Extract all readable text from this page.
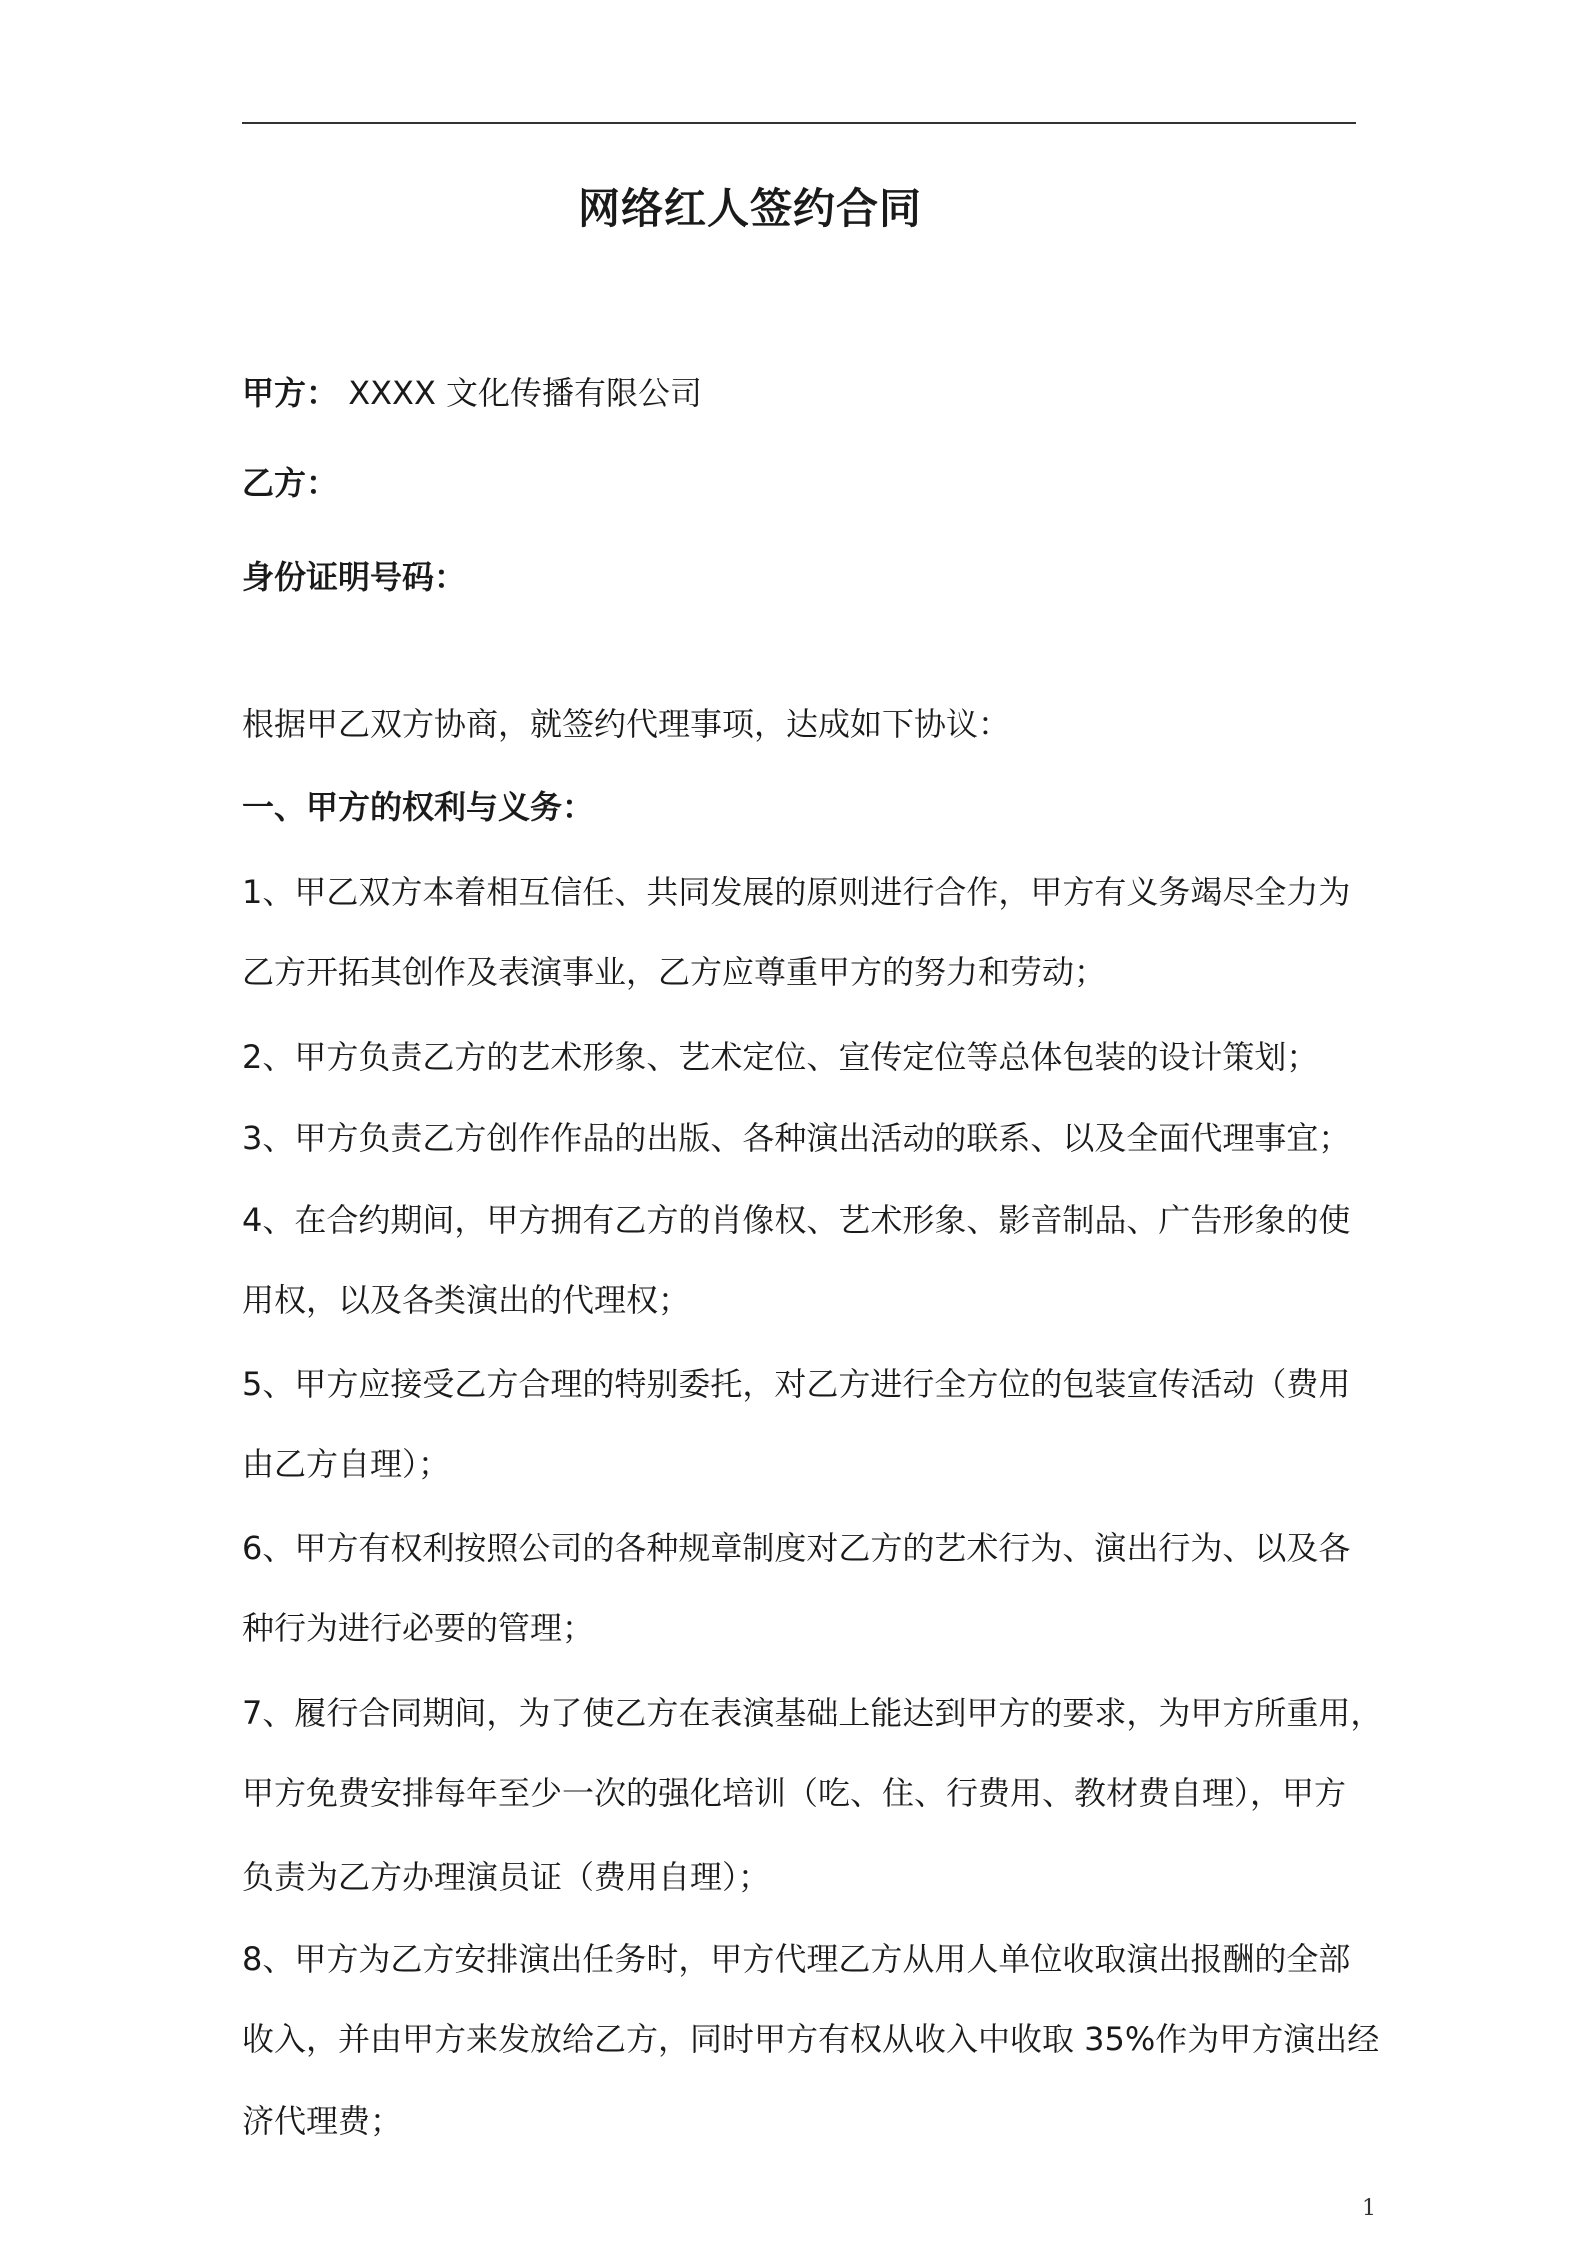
网络红人签约合同
甲方： XXXX 文化传播有限公司
乙方：
身份证明号码：
根据甲乙双方协商，就签约代理事项，达成如下协议：
一、甲方的权利与义务：
1、甲乙双方本着相互信任、共同发展的原则进行合作，甲方有义务竭尽全力为
乙方开拓其创作及表演事业，乙方应尊重甲方的努力和劳动；
2、甲方负责乙方的艺术形象、艺术定位、宣传定位等总体包装的设计策划；
3、甲方负责乙方创作作品的出版、各种演出活动的联系、以及全面代理事宜；
4、在合约期间，甲方拥有乙方的肖像权、艺术形象、影音制品、广告形象的使
用权，以及各类演出的代理权；
5、甲方应接受乙方合理的特别委托，对乙方进行全方位的包装宣传活动（费用
由乙方自理）；
6、甲方有权利按照公司的各种规章制度对乙方的艺术行为、演出行为、以及各
种行为进行必要的管理；
7、履行合同期间，为了使乙方在表演基础上能达到甲方的要求，为甲方所重用，
甲方免费安排每年至少一次的强化培训（吃、住、行费用、教材费自理），甲方
负责为乙方办理演员证（费用自理）；
8、甲方为乙方安排演出任务时，甲方代理乙方从用人单位收取演出报酬的全部
收入，并由甲方来发放给乙方，同时甲方有权从收入中收取 35%作为甲方演出经
济代理费；
1
